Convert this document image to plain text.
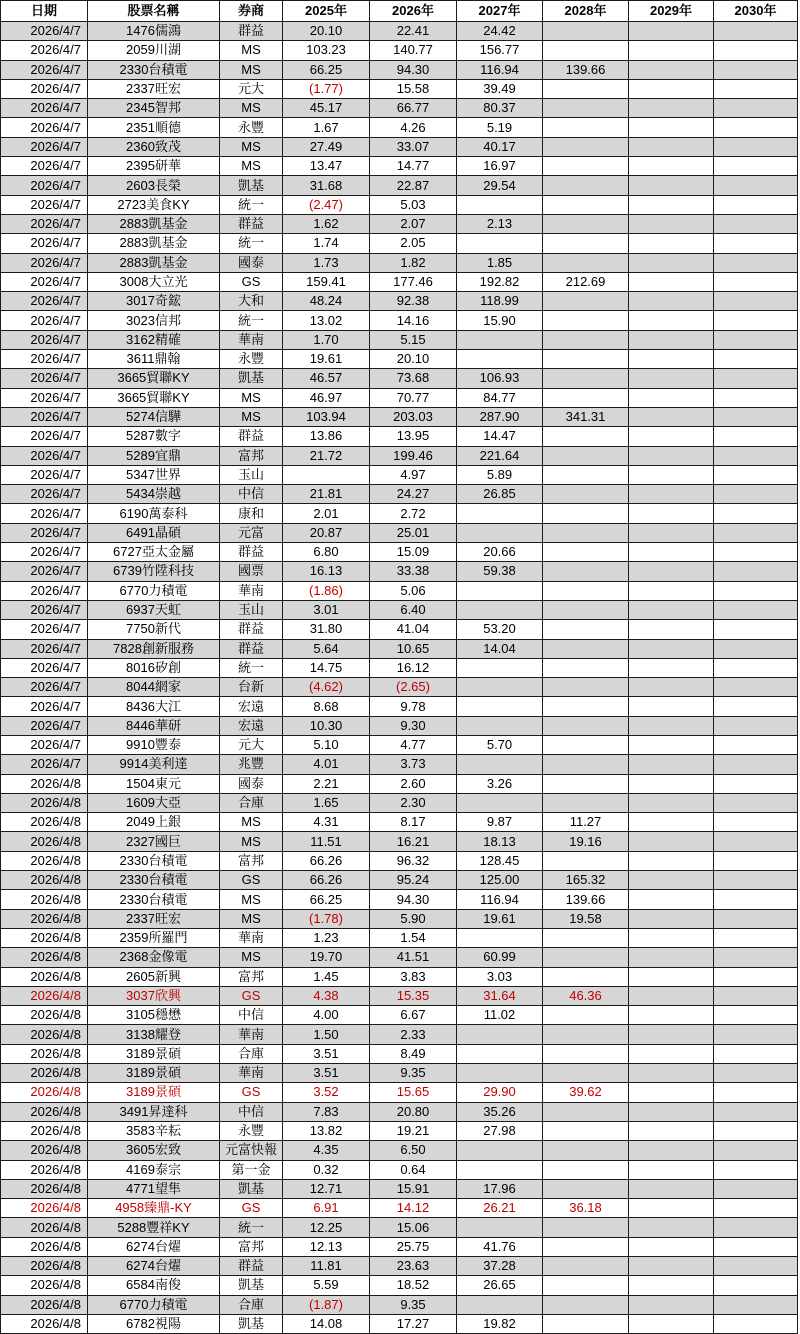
日期	股票名稱	券商	2025年	2026年	2027年	2028年	2029年	2030年
2026/4/7	1476儒鴻	群益	20.10	22.41	24.42			
2026/4/7	2059川湖	MS	103.23	140.77	156.77			
2026/4/7	2330台積電	MS	66.25	94.30	116.94	139.66		
2026/4/7	2337旺宏	元大	(1.77)	15.58	39.49			
2026/4/7	2345智邦	MS	45.17	66.77	80.37			
2026/4/7	2351順德	永豐	1.67	4.26	5.19			
2026/4/7	2360致茂	MS	27.49	33.07	40.17			
2026/4/7	2395研華	MS	13.47	14.77	16.97			
2026/4/7	2603長榮	凱基	31.68	22.87	29.54			
2026/4/7	2723美食KY	統一	(2.47)	5.03				
2026/4/7	2883凱基金	群益	1.62	2.07	2.13			
2026/4/7	2883凱基金	統一	1.74	2.05				
2026/4/7	2883凱基金	國泰	1.73	1.82	1.85			
2026/4/7	3008大立光	GS	159.41	177.46	192.82	212.69		
2026/4/7	3017奇鋐	大和	48.24	92.38	118.99			
2026/4/7	3023信邦	統一	13.02	14.16	15.90			
2026/4/7	3162精確	華南	1.70	5.15				
2026/4/7	3611鼎翰	永豐	19.61	20.10				
2026/4/7	3665貿聯KY	凱基	46.57	73.68	106.93			
2026/4/7	3665貿聯KY	MS	46.97	70.77	84.77			
2026/4/7	5274信驊	MS	103.94	203.03	287.90	341.31		
2026/4/7	5287數字	群益	13.86	13.95	14.47			
2026/4/7	5289宜鼎	富邦	21.72	199.46	221.64			
2026/4/7	5347世界	玉山		4.97	5.89			
2026/4/7	5434崇越	中信	21.81	24.27	26.85			
2026/4/7	6190萬泰科	康和	2.01	2.72				
2026/4/7	6491晶碩	元富	20.87	25.01				
2026/4/7	6727亞太金屬	群益	6.80	15.09	20.66			
2026/4/7	6739竹陞科技	國票	16.13	33.38	59.38			
2026/4/7	6770力積電	華南	(1.86)	5.06				
2026/4/7	6937天虹	玉山	3.01	6.40				
2026/4/7	7750新代	群益	31.80	41.04	53.20			
2026/4/7	7828創新服務	群益	5.64	10.65	14.04			
2026/4/7	8016矽創	統一	14.75	16.12				
2026/4/7	8044網家	台新	(4.62)	(2.65)				
2026/4/7	8436大江	宏遠	8.68	9.78				
2026/4/7	8446華研	宏遠	10.30	9.30				
2026/4/7	9910豐泰	元大	5.10	4.77	5.70			
2026/4/7	9914美利達	兆豐	4.01	3.73				
2026/4/8	1504東元	國泰	2.21	2.60	3.26			
2026/4/8	1609大亞	合庫	1.65	2.30				
2026/4/8	2049上銀	MS	4.31	8.17	9.87	11.27		
2026/4/8	2327國巨	MS	11.51	16.21	18.13	19.16		
2026/4/8	2330台積電	富邦	66.26	96.32	128.45			
2026/4/8	2330台積電	GS	66.26	95.24	125.00	165.32		
2026/4/8	2330台積電	MS	66.25	94.30	116.94	139.66		
2026/4/8	2337旺宏	MS	(1.78)	5.90	19.61	19.58		
2026/4/8	2359所羅門	華南	1.23	1.54				
2026/4/8	2368金像電	MS	19.70	41.51	60.99			
2026/4/8	2605新興	富邦	1.45	3.83	3.03			
2026/4/8	3037欣興	GS	4.38	15.35	31.64	46.36		
2026/4/8	3105穩懋	中信	4.00	6.67	11.02			
2026/4/8	3138耀登	華南	1.50	2.33				
2026/4/8	3189景碩	合庫	3.51	8.49				
2026/4/8	3189景碩	華南	3.51	9.35				
2026/4/8	3189景碩	GS	3.52	15.65	29.90	39.62		
2026/4/8	3491昇達科	中信	7.83	20.80	35.26			
2026/4/8	3583辛耘	永豐	13.82	19.21	27.98			
2026/4/8	3605宏致	元富快報	4.35	6.50				
2026/4/8	4169泰宗	第一金	0.32	0.64				
2026/4/8	4771望隼	凱基	12.71	15.91	17.96			
2026/4/8	4958臻鼎-KY	GS	6.91	14.12	26.21	36.18		
2026/4/8	5288豐祥KY	統一	12.25	15.06				
2026/4/8	6274台燿	富邦	12.13	25.75	41.76			
2026/4/8	6274台燿	群益	11.81	23.63	37.28			
2026/4/8	6584南俊	凱基	5.59	18.52	26.65			
2026/4/8	6770力積電	合庫	(1.87)	9.35				
2026/4/8	6782視陽	凱基	14.08	17.27	19.82			
